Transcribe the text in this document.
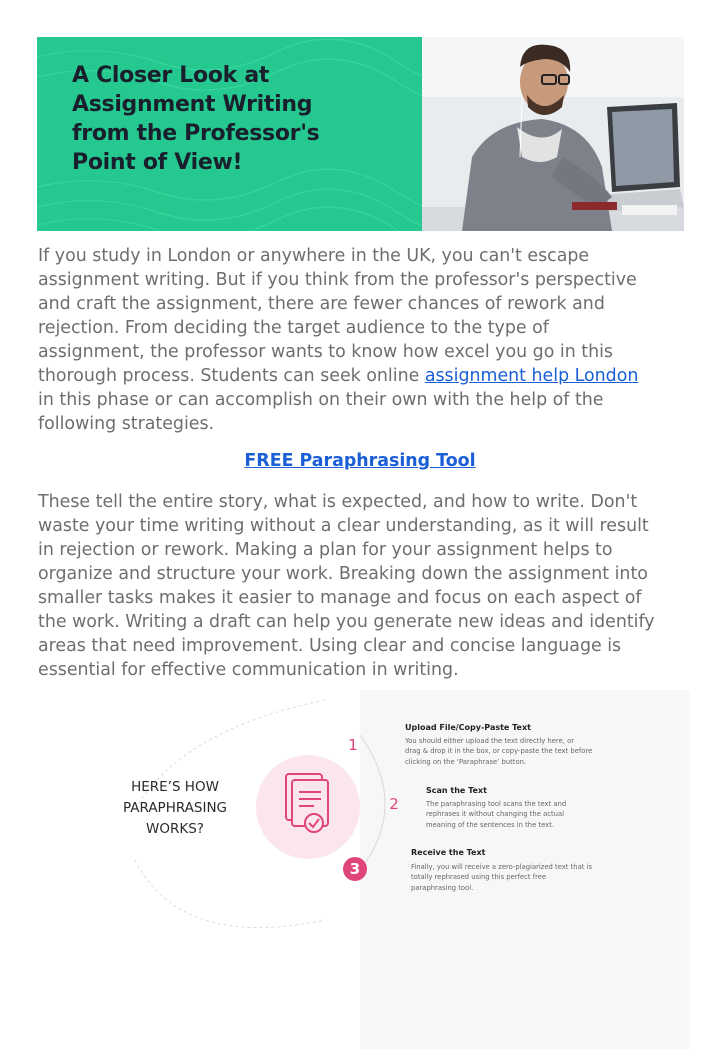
A Closer Look at
Assignment Writing
from the Professor's
Point of View!
If you study in London or anywhere in the UK, you can't escape
assignment writing. But if you think from the professor's perspective
and craft the assignment, there are fewer chances of rework and
rejection. From deciding the target audience to the type of
assignment, the professor wants to know how excel you go in this
thorough process. Students can seek online assignment help London
in this phase or can accomplish on their own with the help of the
following strategies.
FREE Paraphrasing Tool
These tell the entire story, what is expected, and how to write. Don't
waste your time writing without a clear understanding, as it will result
in rejection or rework. Making a plan for your assignment helps to
organize and structure your work. Breaking down the assignment into
smaller tasks makes it easier to manage and focus on each aspect of
the work. Writing a draft can help you generate new ideas and identify
areas that need improvement. Using clear and concise language is
essential for effective communication in writing.
HERE’S HOW
PARAPHRASING
WORKS?
1
Upload File/Copy-Paste Text
You should either upload the text directly here, or
drag & drop it in the box, or copy-paste the text before
clicking on the ‘Paraphrase’ button.
2
Scan the Text
The paraphrasing tool scans the text and
rephrases it without changing the actual
meaning of the sentences in the text.
3
Receive the Text
Finally, you will receive a zero-plagiarized text that is
totally rephrased using this perfect free
paraphrasing tool.
